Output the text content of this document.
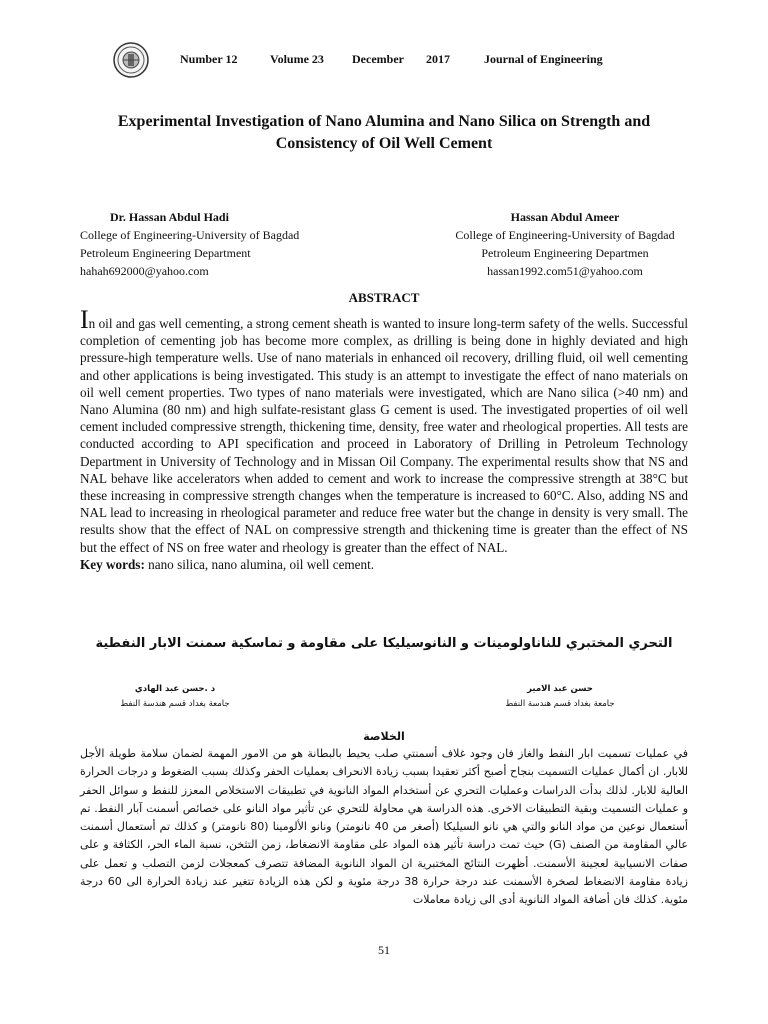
Number 12	Volume 23	December	2017	Journal of Engineering
Experimental Investigation of Nano Alumina and Nano Silica on Strength and
Consistency of Oil Well Cement
Dr. Hassan Abdul Hadi
College of Engineering-University of Bagdad
Petroleum Engineering Department
hahah692000@yahoo.com
Hassan Abdul Ameer
College of Engineering-University of Bagdad
Petroleum Engineering Departmen
hassan1992.com51@yahoo.com
ABSTRACT
In oil and gas well cementing, a strong cement sheath is wanted to insure long-term safety of the wells. Successful completion of cementing job has become more complex, as drilling is being done in highly deviated and high pressure-high temperature wells. Use of nano materials in enhanced oil recovery, drilling fluid, oil well cementing and other applications is being investigated. This study is an attempt to investigate the effect of nano materials on oil well cement properties. Two types of nano materials were investigated, which are Nano silica (>40 nm) and Nano Alumina (80 nm) and high sulfate-resistant glass G cement is used. The investigated properties of oil well cement included compressive strength, thickening time, density, free water and rheological properties. All tests are conducted according to API specification and proceed in Laboratory of Drilling in Petroleum Technology Department in University of Technology and in Missan Oil Company. The experimental results show that NS and NAL behave like accelerators when added to cement and work to increase the compressive strength at 38°C but these increasing in compressive strength changes when the temperature is increased to 60°C. Also, adding NS and NAL lead to increasing in rheological parameter and reduce free water but the change in density is very small. The results show that the effect of NAL on compressive strength and thickening time is greater than the effect of NS but the effect of NS on free water and rheology is greater than the effect of NAL.
Key words: nano silica, nano alumina, oil well cement.
التحري المختبري للناناولومينات و النانوسيليكا على مقاومة و تماسكية سمنت الابار النفطية
حسن عبد الامير
جامعة بغداد قسم هندسة النفط
د .حسن عبد الهادي
جامعة بغداد قسم هندسة النفط
الخلاصة
في عمليات تسميت ابار النفط والغاز فان وجود غلاف أسمنتي صلب يحيط بالبطانة هو من الامور المهمة لضمان سلامة طويلة الأجل للابار. ان أكمال عمليات التسميت بنجاح أصبح أكثر تعقيدا بسبب زيادة الانحراف بعمليات الحفر وكذلك بسبب الضغوط و درجات الحرارة العالية للابار. لذلك بدأت الدراسات وعمليات التحري عن أستخدام المواد النانوية في تطبيقات الاستخلاص المعزز للنفط و سوائل الحفر و عمليات التسميت وبقية التطبيقات الاخرى. هذه الدراسة هي محاولة للتحري عن تأثير مواد النانو على خصائص أسمنت آبار النفط. تم أستعمال نوعين من مواد النانو والتي هي نانو السيليكا (أصغر من 40 نانومتر) ونانو الألومينا (80 نانومتر) و كذلك تم أستعمال أسمنت عالي المقاومة من الصنف (G) حيث تمت دراسة تأثير هذه المواد على مقاومة الانضغاط، زمن التثخن، نسبة الماء الحر، الكثافة و على صفات الانسيابية لعجينة الأسمنت. أظهرت النتائج المختبرية ان المواد النانوية المضافة تتصرف كمعجلات لزمن التصلب و تعمل على زيادة مقاومة الانضغاط لصخرة الأسمنت عند درجة حرارة 38 درجة مئوية و لكن هذه الزيادة تتغير عند زيادة الحرارة الى 60 درجة مئوية. كذلك فان أضافة المواد النانوية أدى الى زيادة معاملات
51
